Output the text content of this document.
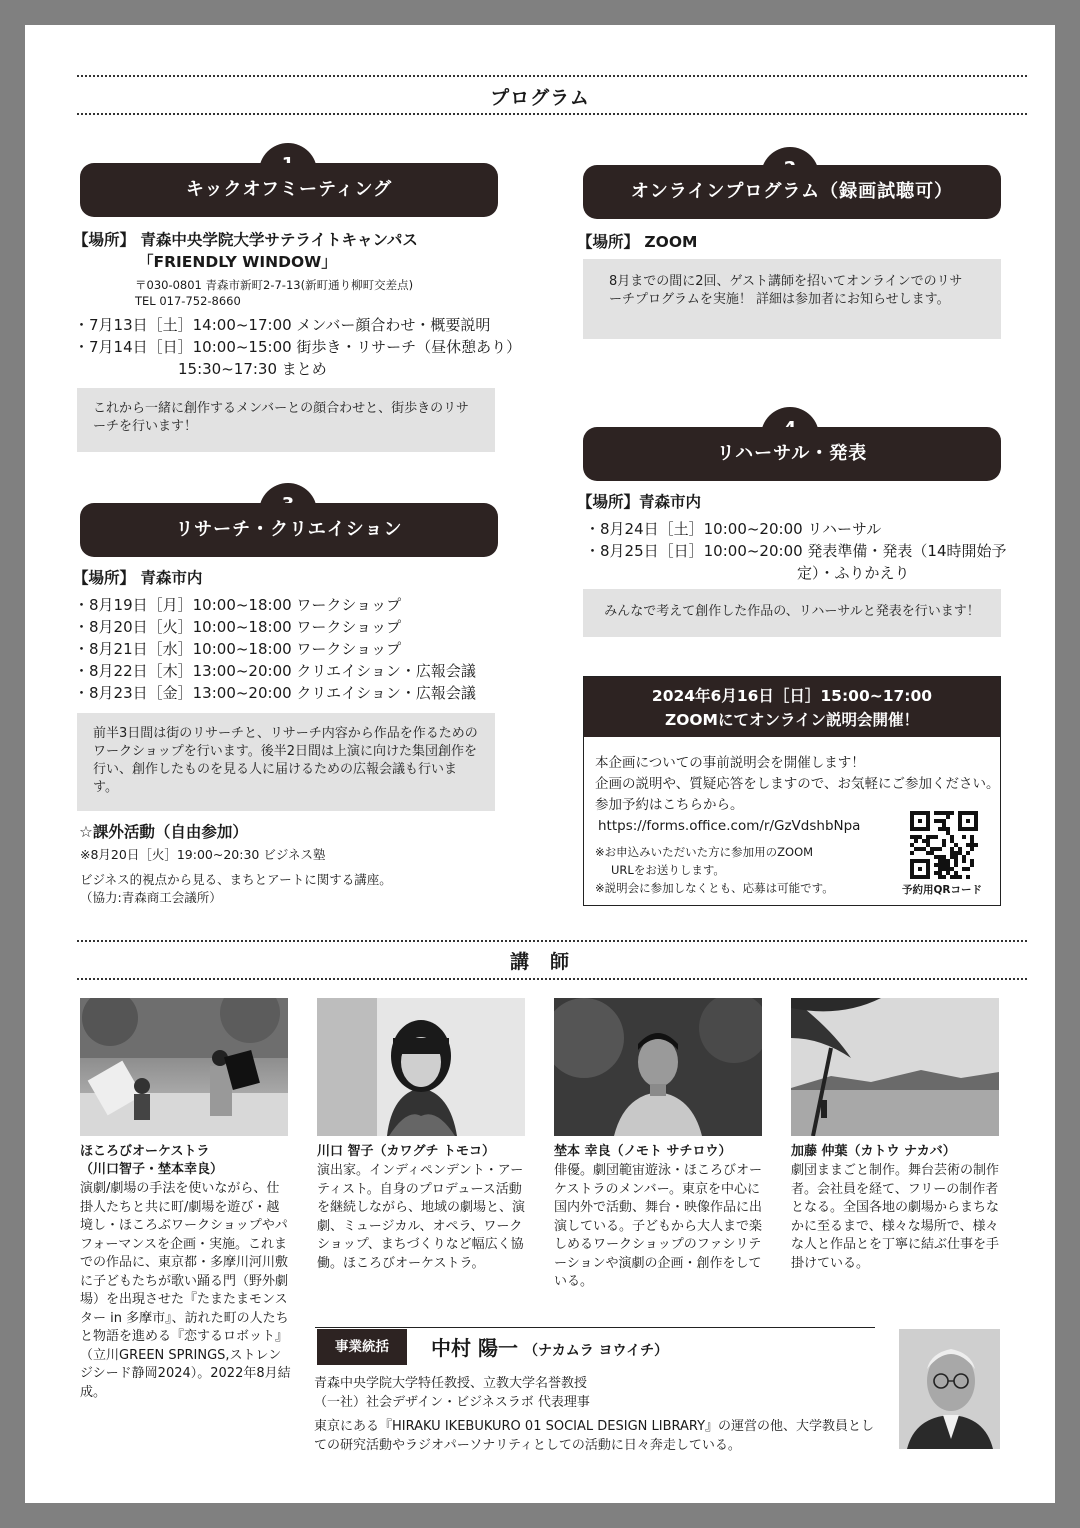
プログラム
キックオフミーティング
【場所】 青森中央学院大学サテライトキャンパス
「FRIENDLY WINDOW」
〒030-0801 青森市新町2-7-13(新町通り柳町交差点)
TEL 017-752-8660
・7月13日［土］14:00~17:00 メンバー顔合わせ・概要説明
・7月14日［日］10:00~15:00 街歩き・リサーチ（昼休憩あり）
15:30~17:30 まとめ
これから一緒に創作するメンバーとの顔合わせと、街歩きのリサーチを行います！
オンラインプログラム（録画試聴可）
【場所】 ZOOM
8月までの間に2回、ゲスト講師を招いてオンラインでのリサーチプログラムを実施！ 詳細は参加者にお知らせします。
リハーサル・発表
【場所】青森市内
・8月24日［土］10:00~20:00 リハーサル
・8月25日［日］10:00~20:00 発表準備・発表（14時開始予
定）・ふりかえり
みんなで考えて創作した作品の、リハーサルと発表を行います！
2024年6月16日［日］15:00~17:00
ZOOMにてオンライン説明会開催！
本企画についての事前説明会を開催します！
企画の説明や、質疑応答をしますので、お気軽にご参加ください。
参加予約はこちらから。
https://forms.office.com/r/GzVdshbNpa
※お申込みいただいた方に参加用のZOOM
URLをお送りします。
※説明会に参加しなくとも、応募は可能です。	予約用QRコード
リサーチ・クリエイション
【場所】 青森市内
・8月19日［月］10:00~18:00 ワークショップ
・8月20日［火］10:00~18:00 ワークショップ
・8月21日［水］10:00~18:00 ワークショップ
・8月22日［木］13:00~20:00 クリエイション・広報会議
・8月23日［金］13:00~20:00 クリエイション・広報会議
前半3日間は街のリサーチと、リサーチ内容から作品を作るためのワークショップを行います。後半2日間は上演に向けた集団創作を行い、創作したものを見る人に届けるための広報会議も行います。
☆課外活動（自由参加）
※8月20日［火］19:00~20:30 ビジネス塾
ビジネス的視点から見る、まちとアートに関する講座。
（協力:青森商工会議所）
講　師
ほころびオーケストラ
（川口智子・埜本幸良）
演劇/劇場の手法を使いながら、仕掛人たちと共に町/劇場を遊び・越境し・ほころぶワークショップやパフォーマンスを企画・実施。これまでの作品に、東京都・多摩川河川敷に子どもたちが歌い踊る門（野外劇場）を出現させた『たまたまモンスター in 多摩市』、訪れた町の人たちと物語を進める『恋するロボット』（立川GREEN SPRINGS,ストレンジシード静岡2024）。2022年8月結成。
川口 智子（カワグチ トモコ）
演出家。インディペンデント・アーティスト。自身のプロデュース活動を継続しながら、地域の劇場と、演劇、ミュージカル、オペラ、ワークショップ、まちづくりなど幅広く協働。ほころびオーケストラ。
埜本 幸良（ノモト サチロウ）
俳優。劇団範宙遊泳・ほころびオーケストラのメンバー。東京を中心に国内外で活動、舞台・映像作品に出演している。子どもから大人まで楽しめるワークショップのファシリテーションや演劇の企画・創作をしている。
加藤 仲葉（カトウ ナカバ）
劇団ままごと制作。舞台芸術の制作者。会社員を経て、フリーの制作者となる。全国各地の劇場からまちなかに至るまで、様々な場所で、様々な人と作品とを丁寧に結ぶ仕事を手掛けている。
事業統括	中村 陽一 （ナカムラ ヨウイチ）
青森中央学院大学特任教授、立教大学名誉教授
（一社）社会デザイン・ビジネスラボ 代表理事
東京にある『HIRAKU IKEBUKURO 01 SOCIAL DESIGN LIBRARY』の運営の他、大学教員としての研究活動やラジオパーソナリティとしての活動に日々奔走している。
